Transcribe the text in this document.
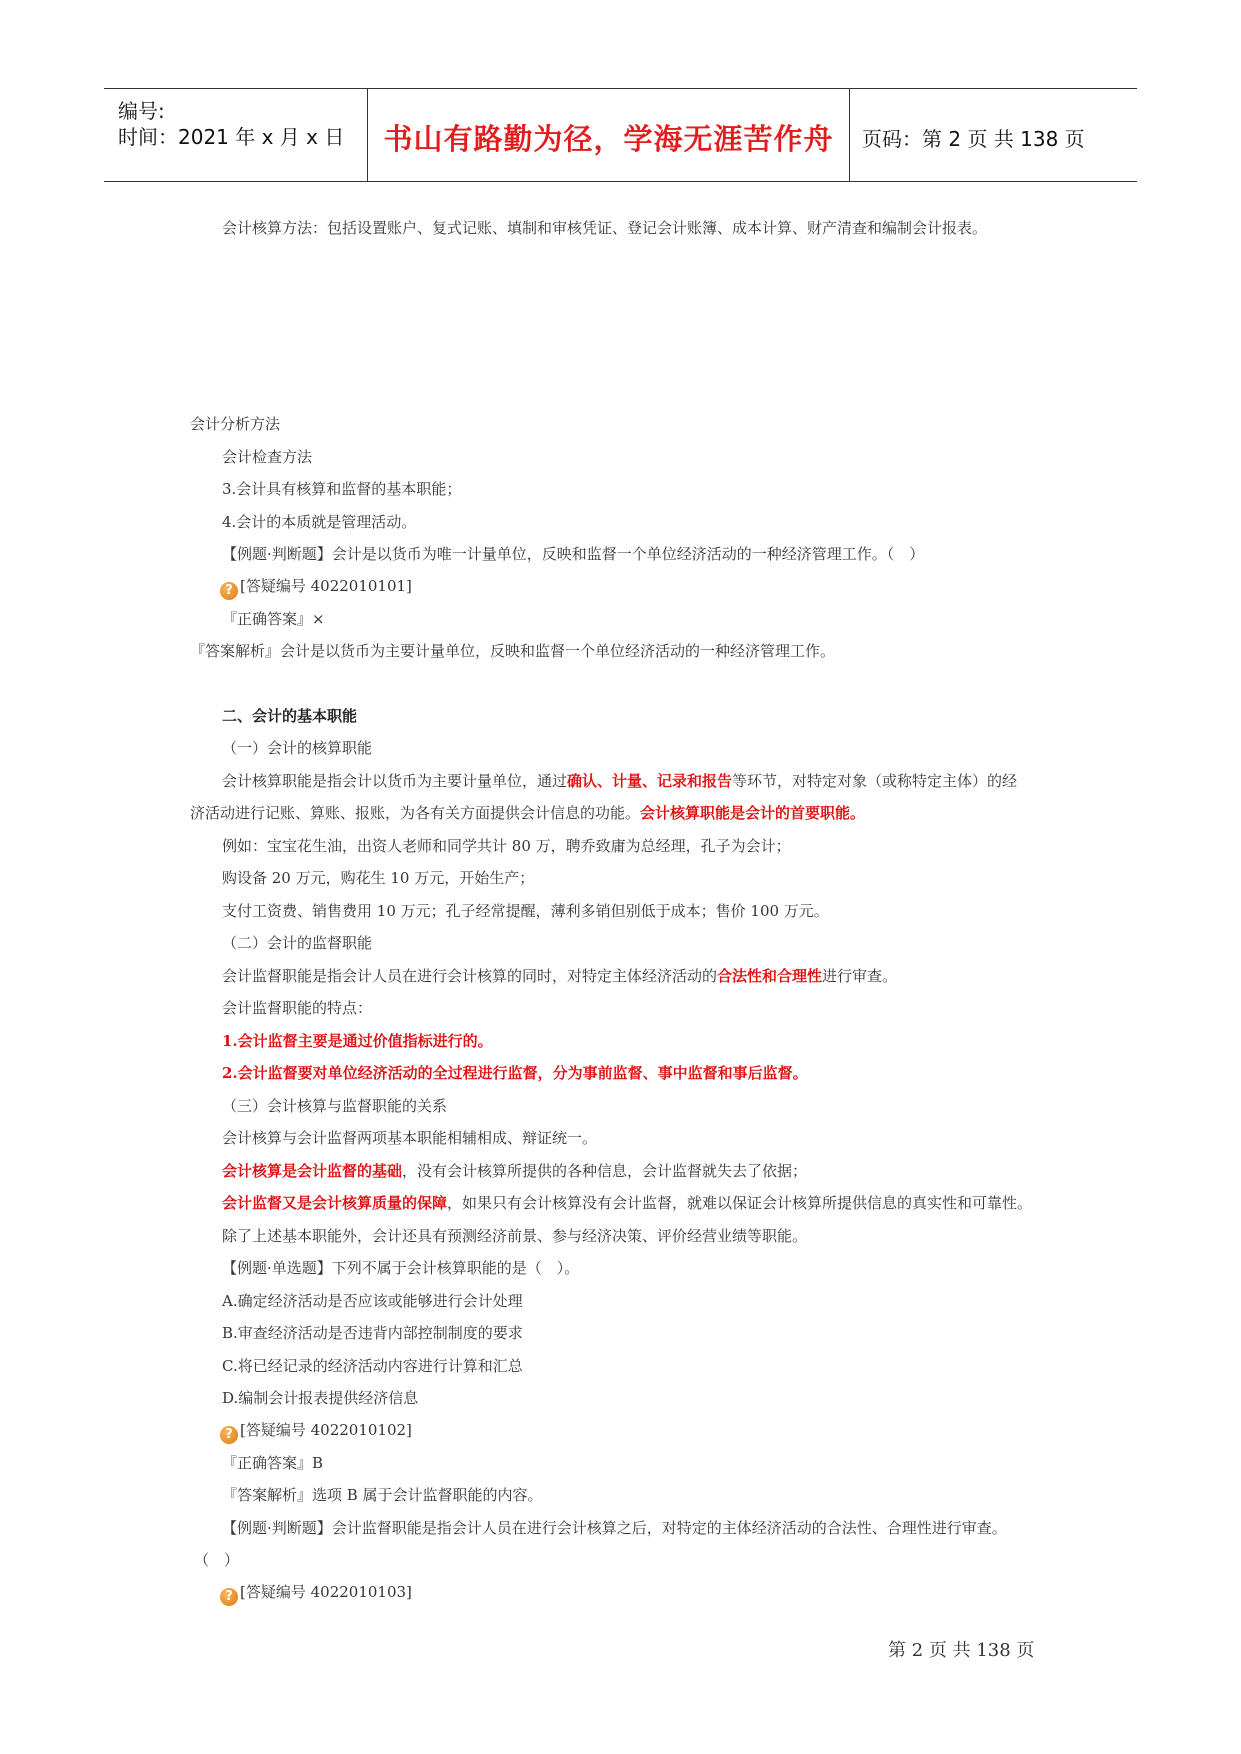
编号:
时间：2021 年 x 月 x 日	书山有路勤为径，学海无涯苦作舟	页码：第 2 页 共 138 页
会计核算方法：包括设置账户、复式记账、填制和审核凭证、登记会计账簿、成本计算、财产清查和编制会计报表。
会计分析方法
会计检查方法
3.会计具有核算和监督的基本职能；
4.会计的本质就是管理活动。
【例题·判断题】会计是以货币为唯一计量单位，反映和监督一个单位经济活动的一种经济管理工作。（　）
? [答疑编号 4022010101]
『正确答案』×
『答案解析』会计是以货币为主要计量单位，反映和监督一个单位经济活动的一种经济管理工作。
二、会计的基本职能
（一）会计的核算职能
会计核算职能是指会计以货币为主要计量单位，通过确认、计量、记录和报告等环节，对特定对象（或称特定主体）的经
济活动进行记账、算账、报账，为各有关方面提供会计信息的功能。会计核算职能是会计的首要职能。
例如：宝宝花生油，出资人老师和同学共计 80 万，聘乔致庸为总经理，孔子为会计；
购设备 20 万元，购花生 10 万元，开始生产；
支付工资费、销售费用 10 万元；孔子经常提醒，薄利多销但别低于成本；售价 100 万元。
（二）会计的监督职能
会计监督职能是指会计人员在进行会计核算的同时，对特定主体经济活动的合法性和合理性进行审查。
会计监督职能的特点：
1.会计监督主要是通过价值指标进行的。
2.会计监督要对单位经济活动的全过程进行监督，分为事前监督、事中监督和事后监督。
（三）会计核算与监督职能的关系
会计核算与会计监督两项基本职能相辅相成、辩证统一。
会计核算是会计监督的基础，没有会计核算所提供的各种信息，会计监督就失去了依据；
会计监督又是会计核算质量的保障，如果只有会计核算没有会计监督，就难以保证会计核算所提供信息的真实性和可靠性。
除了上述基本职能外，会计还具有预测经济前景、参与经济决策、评价经营业绩等职能。
【例题·单选题】下列不属于会计核算职能的是（　）。
A.确定经济活动是否应该或能够进行会计处理
B.审查经济活动是否违背内部控制制度的要求
C.将已经记录的经济活动内容进行计算和汇总
D.编制会计报表提供经济信息
? [答疑编号 4022010102]
『正确答案』B
『答案解析』选项 B 属于会计监督职能的内容。
【例题·判断题】会计监督职能是指会计人员在进行会计核算之后，对特定的主体经济活动的合法性、合理性进行审查。
（　）
? [答疑编号 4022010103]
第 2 页 共 138 页
